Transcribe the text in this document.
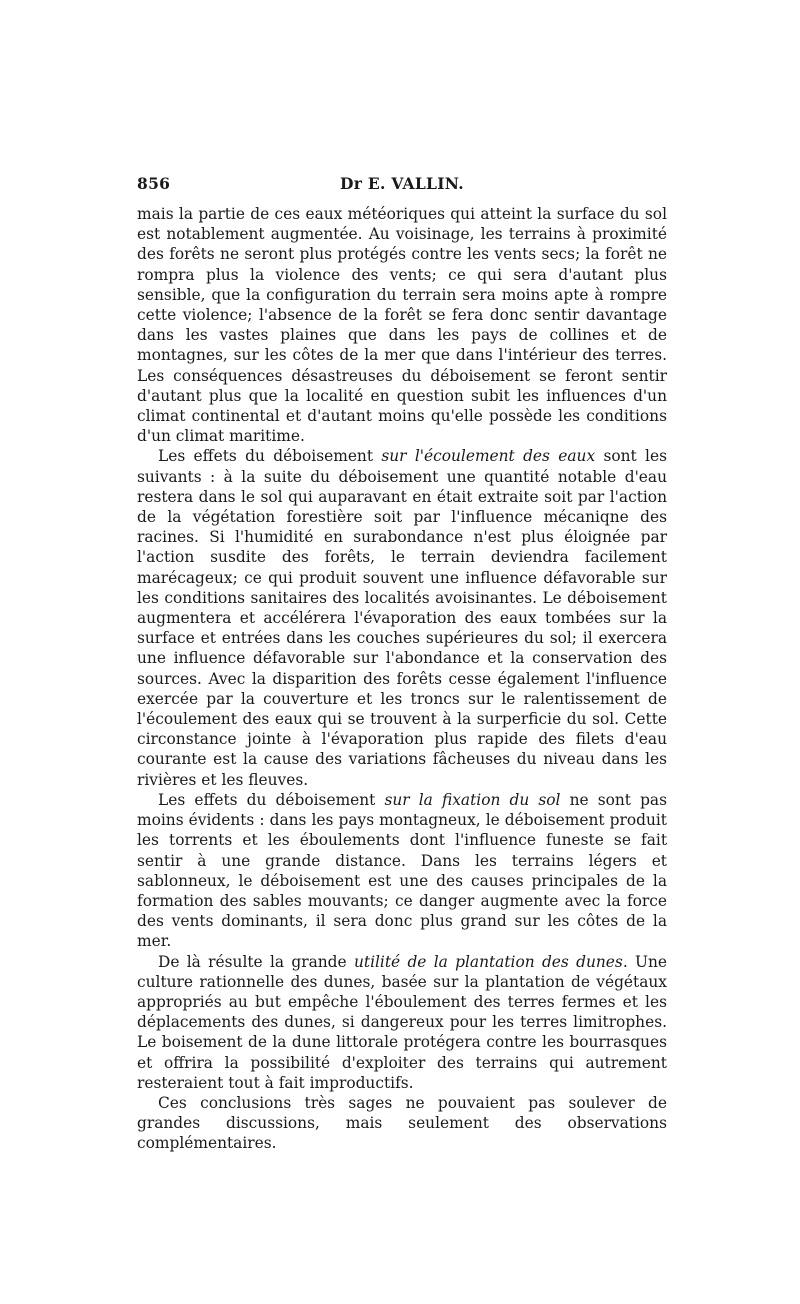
856	Dr E. VALLIN.

mais la partie de ces eaux météoriques qui atteint la surface du sol est notablement augmentée. Au voisinage, les terrains à proximité des forêts ne seront plus protégés contre les vents secs; la forêt ne rompra plus la violence des vents; ce qui sera d'autant plus sensible, que la configuration du terrain sera moins apte à rompre cette violence; l'absence de la forêt se fera donc sentir davantage dans les vastes plaines que dans les pays de collines et de montagnes, sur les côtes de la mer que dans l'intérieur des terres. Les conséquences désastreuses du déboisement se feront sentir d'autant plus que la localité en question subit les influences d'un climat continental et d'autant moins qu'elle possède les conditions d'un climat maritime.

Les effets du déboisement sur l'écoulement des eaux sont les suivants : à la suite du déboisement une quantité notable d'eau restera dans le sol qui auparavant en était extraite soit par l'action de la végétation forestière soit par l'influence mécaniqne des racines. Si l'humidité en surabondance n'est plus éloignée par l'action susdite des forêts, le terrain deviendra facilement marécageux; ce qui produit souvent une influence défavorable sur les conditions sanitaires des localités avoisinantes. Le déboisement augmentera et accélérera l'évaporation des eaux tombées sur la surface et entrées dans les couches supérieures du sol; il exercera une influence défavorable sur l'abondance et la conservation des sources. Avec la disparition des forêts cesse également l'influence exercée par la couverture et les troncs sur le ralentissement de l'écoulement des eaux qui se trouvent à la surperficie du sol. Cette circonstance jointe à l'évaporation plus rapide des filets d'eau courante est la cause des variations fâcheuses du niveau dans les rivières et les fleuves.

Les effets du déboisement sur la fixation du sol ne sont pas moins évidents : dans les pays montagneux, le déboisement produit les torrents et les éboulements dont l'influence funeste se fait sentir à une grande distance. Dans les terrains légers et sablonneux, le déboisement est une des causes principales de la formation des sables mouvants; ce danger augmente avec la force des vents dominants, il sera donc plus grand sur les côtes de la mer.

De là résulte la grande utilité de la plantation des dunes. Une culture rationnelle des dunes, basée sur la plantation de végétaux appropriés au but empêche l'éboulement des terres fermes et les déplacements des dunes, si dangereux pour les terres limitrophes. Le boisement de la dune littorale protégera contre les bourrasques et offrira la possibilité d'exploiter des terrains qui autrement resteraient tout à fait improductifs.

Ces conclusions très sages ne pouvaient pas soulever de grandes discussions, mais seulement des observations complémentaires.
